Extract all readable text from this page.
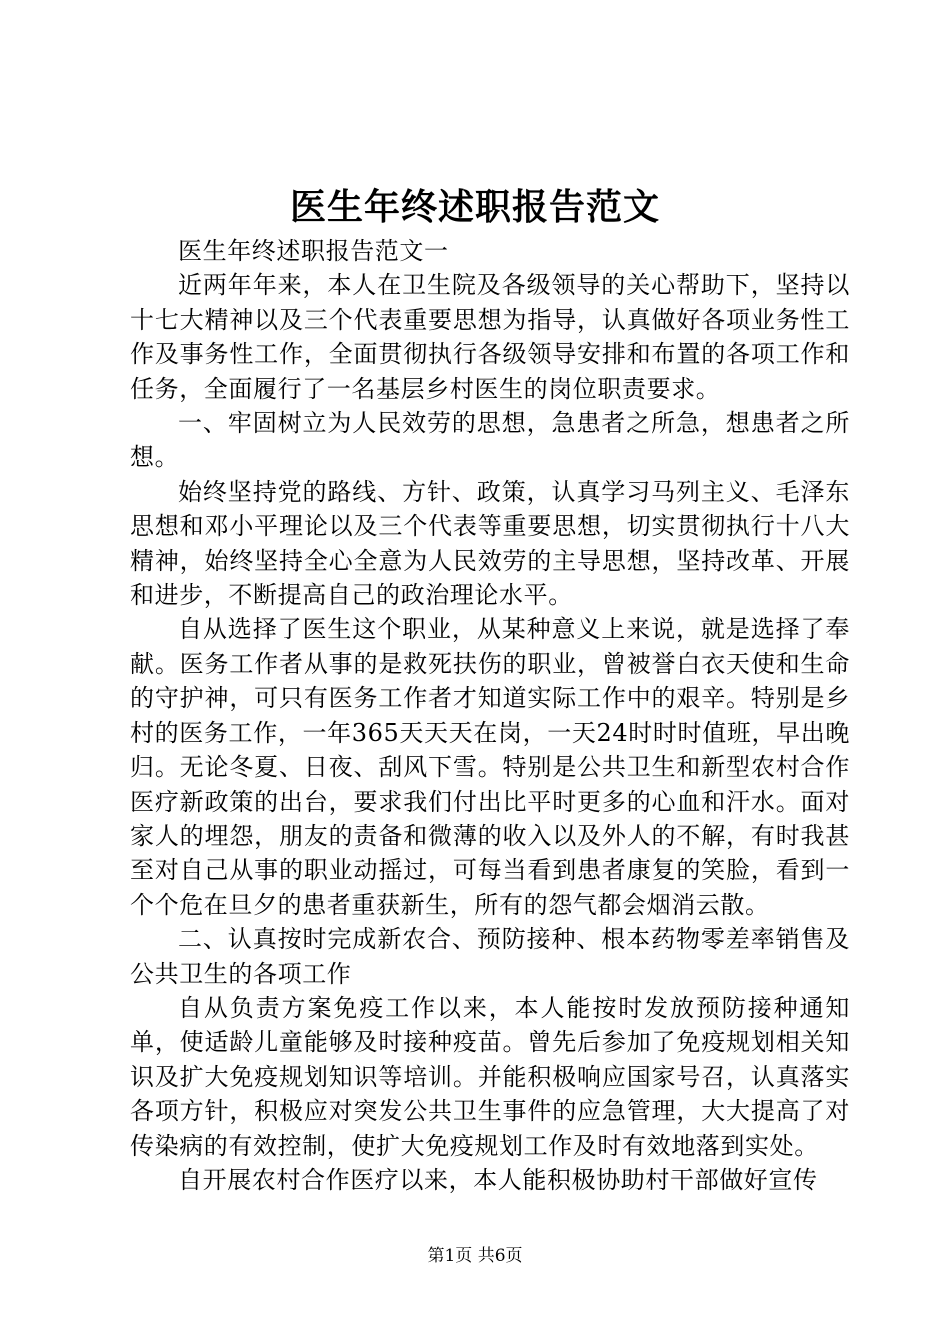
医生年终述职报告范文

医生年终述职报告范文一

近两年年来，本人在卫生院及各级领导的关心帮助下，坚持以十七大精神以及三个代表重要思想为指导，认真做好各项业务性工作及事务性工作，全面贯彻执行各级领导安排和布置的各项工作和任务，全面履行了一名基层乡村医生的岗位职责要求。

一、牢固树立为人民效劳的思想，急患者之所急，想患者之所想。

始终坚持党的路线、方针、政策，认真学习马列主义、毛泽东思想和邓小平理论以及三个代表等重要思想，切实贯彻执行十八大精神，始终坚持全心全意为人民效劳的主导思想，坚持改革、开展和进步，不断提高自己的政治理论水平。

自从选择了医生这个职业，从某种意义上来说，就是选择了奉献。医务工作者从事的是救死扶伤的职业，曾被誉白衣天使和生命的守护神，可只有医务工作者才知道实际工作中的艰辛。特别是乡村的医务工作，一年365天天天在岗，一天24时时时值班，早出晚归。无论冬夏、日夜、刮风下雪。特别是公共卫生和新型农村合作医疗新政策的出台，要求我们付出比平时更多的心血和汗水。面对家人的埋怨，朋友的责备和微薄的收入以及外人的不解，有时我甚至对自己从事的职业动摇过，可每当看到患者康复的笑脸，看到一个个危在旦夕的患者重获新生，所有的怨气都会烟消云散。

二、认真按时完成新农合、预防接种、根本药物零差率销售及公共卫生的各项工作

自从负责方案免疫工作以来，本人能按时发放预防接种通知单，使适龄儿童能够及时接种疫苗。曾先后参加了免疫规划相关知识及扩大免疫规划知识等培训。并能积极响应国家号召，认真落实各项方针，积极应对突发公共卫生事件的应急管理，大大提高了对传染病的有效控制，使扩大免疫规划工作及时有效地落到实处。

自开展农村合作医疗以来，本人能积极协助村干部做好宣传

第1页 共6页
